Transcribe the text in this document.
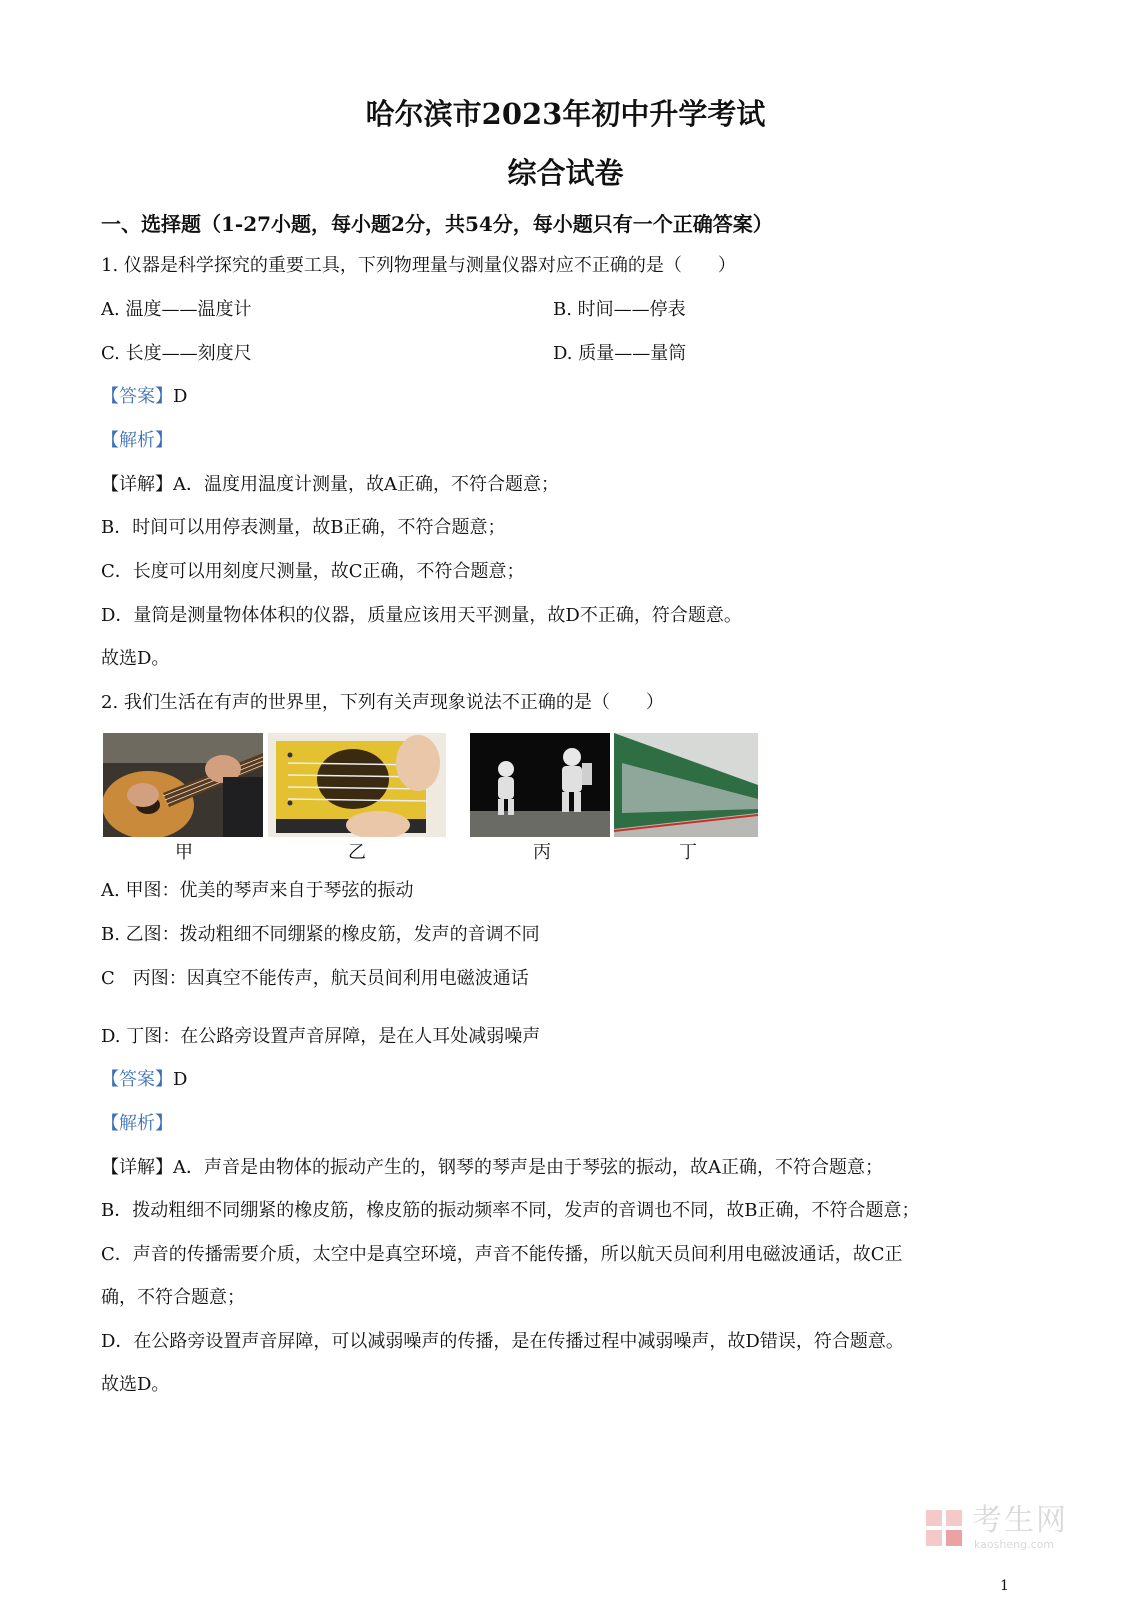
哈尔滨市2023年初中升学考试
综合试卷
一、选择题（1-27小题，每小题2分，共54分，每小题只有一个正确答案）
1. 仪器是科学探究的重要工具，下列物理量与测量仪器对应不正确的是（　　）
A. 温度——温度计	B. 时间——停表
C. 长度——刻度尺	D. 质量——量筒
【答案】D
【解析】
【详解】A．温度用温度计测量，故A正确，不符合题意；
B．时间可以用停表测量，故B正确，不符合题意；
C．长度可以用刻度尺测量，故C正确，不符合题意；
D．量筒是测量物体体积的仪器，质量应该用天平测量，故D不正确，符合题意。
故选D。
2. 我们生活在有声的世界里，下列有关声现象说法不正确的是（　　）
甲	乙	丙	丁
A. 甲图：优美的琴声来自于琴弦的振动
B. 乙图：拨动粗细不同绷紧的橡皮筋，发声的音调不同
C　丙图：因真空不能传声，航天员间利用电磁波通话
D. 丁图：在公路旁设置声音屏障，是在人耳处减弱噪声
【答案】D
【解析】
【详解】A．声音是由物体的振动产生的，钢琴的琴声是由于琴弦的振动，故A正确，不符合题意；
B．拨动粗细不同绷紧的橡皮筋，橡皮筋的振动频率不同，发声的音调也不同，故B正确，不符合题意；
C．声音的传播需要介质，太空中是真空环境，声音不能传播，所以航天员间利用电磁波通话，故C正
确，不符合题意；
D．在公路旁设置声音屏障，可以减弱噪声的传播，是在传播过程中减弱噪声，故D错误，符合题意。
故选D。
考生网
kaosheng.com
1
